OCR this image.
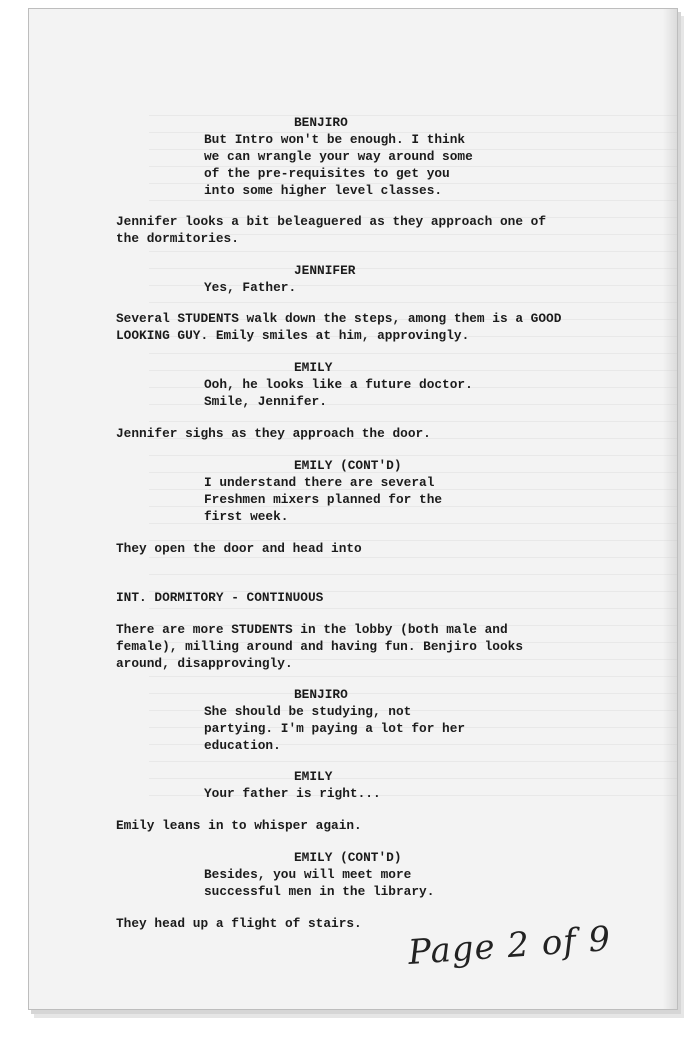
BENJIRO
But Intro won't be enough. I think
we can wrangle your way around some
of the pre-requisites to get you
into some higher level classes.
Jennifer looks a bit beleaguered as they approach one of
the dormitories.
JENNIFER
Yes, Father.
Several STUDENTS walk down the steps, among them is a GOOD
LOOKING GUY. Emily smiles at him, approvingly.
EMILY
Ooh, he looks like a future doctor.
Smile, Jennifer.
Jennifer sighs as they approach the door.
EMILY (CONT'D)
I understand there are several
Freshmen mixers planned for the
first week.
They open the door and head into
INT. DORMITORY - CONTINUOUS
There are more STUDENTS in the lobby (both male and
female), milling around and having fun. Benjiro looks
around, disapprovingly.
BENJIRO
She should be studying, not
partying. I'm paying a lot for her
education.
EMILY
Your father is right...
Emily leans in to whisper again.
EMILY (CONT'D)
Besides, you will meet more
successful men in the library.
They head up a flight of stairs. Page 2 of 9
